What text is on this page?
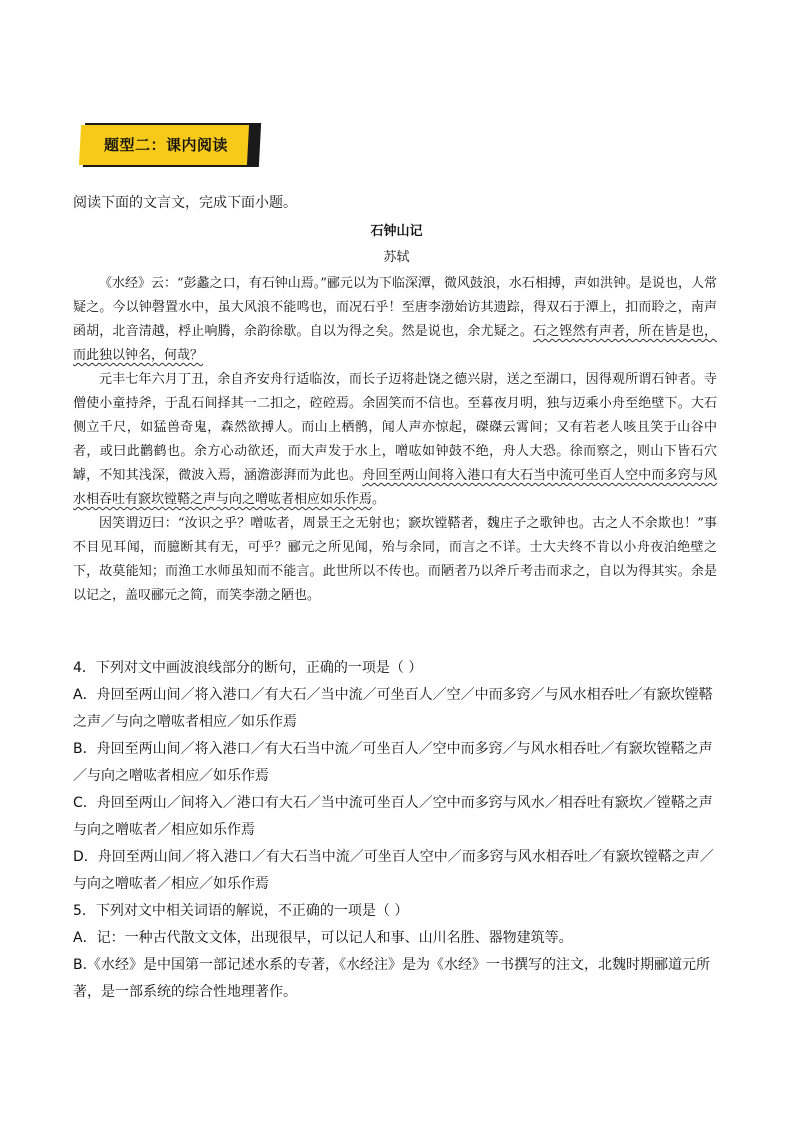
题型二：课内阅读
阅读下面的文言文，完成下面小题。
石钟山记
苏轼

《水经》云：“彭蠡之口，有石钟山焉。”郦元以为下临深潭，微风鼓浪，水石相搏，声如洪钟。是说也，人常疑之。今以钟磬置水中，虽大风浪不能鸣也，而况石乎！至唐李渤始访其遗踪，得双石于潭上，扣而聆之，南声函胡，北音清越，桴止响腾，余韵徐歇。自以为得之矣。然是说也，余尤疑之。石之铿然有声者，所在皆是也，而此独以钟名，何哉？

元丰七年六月丁丑，余自齐安舟行适临汝，而长子迈将赴饶之德兴尉，送之至湖口，因得观所谓石钟者。寺僧使小童持斧，于乱石间择其一二扣之，硿硿焉。余固笑而不信也。至暮夜月明，独与迈乘小舟至绝壁下。大石侧立千尺，如猛兽奇鬼，森然欲搏人。而山上栖鹘，闻人声亦惊起，磔磔云霄间；又有若老人咳且笑于山谷中者，或曰此鹳鹤也。余方心动欲还，而大声发于水上，噌吰如钟鼓不绝，舟人大恐。徐而察之，则山下皆石穴罅，不知其浅深，微波入焉，涵澹澎湃而为此也。舟回至两山间将入港口有大石当中流可坐百人空中而多窍与风水相吞吐有窾坎镗鞳之声与向之噌吰者相应如乐作焉。

因笑谓迈曰：“汝识之乎？噌吰者，周景王之无射也；窾坎镗鞳者，魏庄子之歌钟也。古之人不余欺也！”事不目见耳闻，而臆断其有无，可乎？郦元之所见闻，殆与余同，而言之不详。士大夫终不肯以小舟夜泊绝壁之下，故莫能知；而渔工水师虽知而不能言。此世所以不传也。而陋者乃以斧斤考击而求之，自以为得其实。余是以记之，盖叹郦元之简，而笑李渤之陋也。

4．下列对文中画波浪线部分的断句，正确的一项是（ ）
A．舟回至两山间／将入港口／有大石／当中流／可坐百人／空／中而多窍／与风水相吞吐／有窾坎镗鞳之声／与向之噌吰者相应／如乐作焉
B．舟回至两山间／将入港口／有大石当中流／可坐百人／空中而多窍／与风水相吞吐／有窾坎镗鞳之声／与向之噌吰者相应／如乐作焉
C．舟回至两山／间将入／港口有大石／当中流可坐百人／空中而多窍与风水／相吞吐有窾坎／镗鞳之声与向之噌吰者／相应如乐作焉
D．舟回至两山间／将入港口／有大石当中流／可坐百人空中／而多窍与风水相吞吐／有窾坎镗鞳之声／与向之噌吰者／相应／如乐作焉
5．下列对文中相关词语的解说，不正确的一项是（ ）
A．记：一种古代散文文体，出现很早，可以记人和事、山川名胜、器物建筑等。
B.《水经》是中国第一部记述水系的专著，《水经注》是为《水经》一书撰写的注文，北魏时期郦道元所著，是一部系统的综合性地理著作。
